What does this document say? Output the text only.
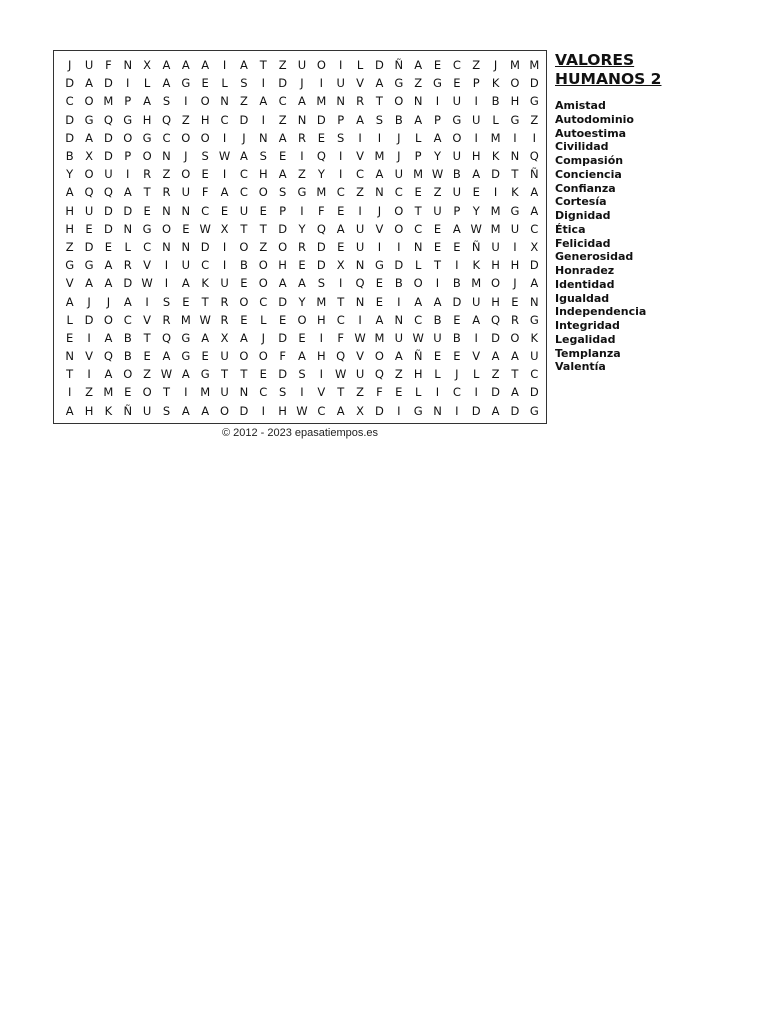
J	U	F	N X A A A	I	A	T	Z U O	I	L	D Ñ A	E	C Z	J	M M
D A D	I	L	A G E	L	S	I	D	J	I	U V A G Z G E	P	K O D
C O M P	A	S	I	O N Z A C A M N R	T O N	I	U	I	B H G
D G Q G H Q Z H C D	I	Z N D P	A	S	B A	P G U	L	G Z
D A D O G C O O	I	J	N A R	E	S	I	I	J	L	A O	I	M	I	I
B X D P O N	J	S W A	S	E	I	Q	I	V M	J	P	Y	U H K N Q
Y O U	I	R Z O E	I	C H A Z	Y	I	C A U M W B A D T	Ñ
A Q Q A	T	R U	F	A C O S G M C Z N C	E	Z U	E	I	K	A
H U D D E N N C	E	U	E	P	I	F	E	I	J	O T	U	P	Y M G A
H E D N G O E W X	T	T D Y Q A U V O C	E	A W M U C
Z D E	L	C N N D	I	O Z O R D E	U	I	I	N E	E Ñ U	I	X
G G A R V	I	U C	I	B O H E D X N G D	L	T	I	K H H D
V A A D W	I	A	K U	E O A A	S	I	Q E	B O	I	B M O	J	A
A	J	J	A	I	S	E	T	R O C D Y M T	N E	I	A A D U H E N
L	D O C V R M W R	E	L	E O H C	I	A N C B	E	A Q R G
E	I	A B	T Q G A X A	J	D E	I	F W M U W U B	I	D O K
N V Q B	E	A G E	U O O	F	A H Q V O A Ñ E	E	V A A U
T	I	A O Z W A G T	T	E D S	I	W U Q Z H	L	J	L	Z	T	C
I	Z M E O T	I	M U N C	S	I	V	T	Z	F	E	L	I	C	I	D A D
A H K Ñ U S	A A O D	I	H W C A X D	I	G N	I	D A D G
© 2012 - 2023 epasatiempos.es
VALORES
HUMANOS 2
Amistad
Autodominio
Autoestima
Civilidad
Compasión
Conciencia
Confianza
Cortesía
Dignidad
Ética
Felicidad
Generosidad
Honradez
Identidad
Igualdad
Independencia
Integridad
Legalidad
Templanza
Valentía
